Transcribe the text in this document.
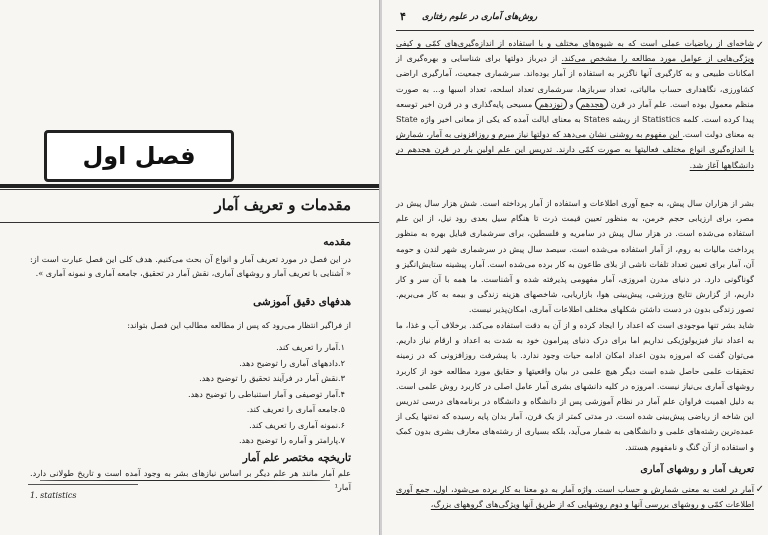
فصل اول
مقدمات و تعریف آمار
مقدمه
در این فصل در مورد تعریف آمار و انواع آن بحث می‌کنیم. هدف کلی این فصل عبارت است از: « آشنایی با تعریف آمار و روشهای آماری، نقش آمار در تحقیق، جامعه آماری و نمونه آماری ».
هدفهای دقیق آموزشی
از فراگیر انتظار می‌رود که پس از مطالعه مطالب این فصل بتواند:
۱.آمار را تعریف کند.
۲.دادههای آماری را توضیح دهد.
۳.نقش آمار در فرآیند تحقیق را توضیح دهد.
۴.آمار توصیفی و آمار استنباطی را توضیح دهد.
۵.جامعه آماری را تعریف کند.
۶.نمونه آماری را تعریف کند.
۷.پارامتر و آماره را توضیح دهد.
تاریخچه مختصر علم آمار
علم آمار مانند هر علم دیگر بر اساس نیازهای بشر به وجود آمده است و تاریخ طولانی دارد. آمار¹
1. statistics
۴ روش‌های آماری در علوم رفتاری
شاخه‌ای از ریاضیات عملی است که به شیوه‌های مختلف و با استفاده از اندازه‌گیری‌های کمّی و کیفی ویژگی‌هایی از عوامل مورد مطالعه را مشخص می‌کند. از دیرباز دولتها برای شناسایی و بهره‌گیری از امکانات طبیعی و به کارگیری آنها ناگزیر به استفاده از آمار بوده‌اند. سرشماری جمعیت، آمارگیری اراضی کشاورزی، نگاهداری حساب مالیاتی، تعداد سربازها، سرشماری تعداد اسلحه، تعداد اسبها و... به صورت منظم معمول بوده است. علم آمار در قرن هجدهم و نوزدهم مسیحی پایه‌گذاری و در قرن اخیر توسعه پیدا کرده است. کلمه Statistics از ریشه States به معنای ایالت آمده که یکی از معانی اخیر واژه State به معنای دولت است. این مفهوم به روشنی نشان می‌دهد که دولتها نیاز مبرم و روزافزونی به آمار، شمارش یا اندازه‌گیری انواع مختلف فعالیتها به صورت کمّی دارند. تدریس این علم اولین بار در قرن هجدهم در دانشگاهها آغاز شد.
✓
بشر از هزاران سال پیش، به جمع آوری اطلاعات و استفاده از آمار پرداخته است. شش هزار سال پیش در مصر، برای ارزیابی حجم خرمن، به منظور تعیین قیمت ذرت تا هنگام سیل بعدی رود نیل، از این علم استفاده می‌شده است. در هزار سال پیش در سامریه و فلسطین، برای سرشماری قبایل بهره به منظور پرداخت مالیات به روم، از آمار استفاده می‌شده است. سیصد سال پیش در سرشماری شهر لندن و حومه آن، آمار برای تعیین تعداد تلفات ناشی از بلای طاعون به کار برده می‌شده است. آمار، پیشینه ستایش‌انگیز و گوناگونی دارد. در دنیای مدرن امروزی، آمار مفهومی پذیرفته شده و آشناست. ما همه با آن سر و کار داریم، از گزارش نتایج ورزشی، پیش‌بینی هوا، بازاریابی، شاخصهای هزینه زندگی و بیمه به کار می‌بریم. تصور زندگی بدون در دست داشتن شکلهای مختلف اطلاعات آماری، امکان‌پذیر نیست.
شاید بشر تنها موجودی است که اعداد را ایجاد کرده و از آن به دقت استفاده می‌کند. برخلاف آب و غذا، ما به اعداد نیاز فیزیولوژیکی نداریم اما برای درک دنیای پیرامون خود به شدت به اعداد و ارقام نیاز داریم. می‌توان گفت که امروزه بدون اعداد امکان ادامه حیات وجود ندارد. با پیشرفت روزافزونی که در زمینه تحقیقات علمی حاصل شده است دیگر هیچ علمی در بیان واقعیتها و حقایق مورد مطالعه خود از کاربرد روشهای آماری بی‌نیاز نیست. امروزه در کلیه دانشهای بشری آمار عامل اصلی در کاربرد روش علمی است. به دلیل اهمیت فراوان علم آمار در نظام آموزشی پس از دانشگاه و دانشگاه در برنامه‌های درسی تدریس این شاخه از ریاضی پیش‌بینی شده است. در مدتی کمتر از یک قرن، آمار بدان پایه رسیده که نه‌تنها یکی از عمده‌ترین رشته‌های علمی و دانشگاهی به شمار می‌آید، بلکه بسیاری از رشته‌های معارف بشری بدون کمک و استفاده از آن گنگ و نامفهوم هستند.
تعریف آمار و روشهای آماری
آمار در لغت به معنی شمارش و حساب است. واژه آمار به دو معنا به کار برده می‌شود، اول، جمع آوری اطلاعات کمّی و روشهای بررسی آنها و دوم روشهایی که از طریق آنها ویژگی‌های گروههای بزرگ،
✓
